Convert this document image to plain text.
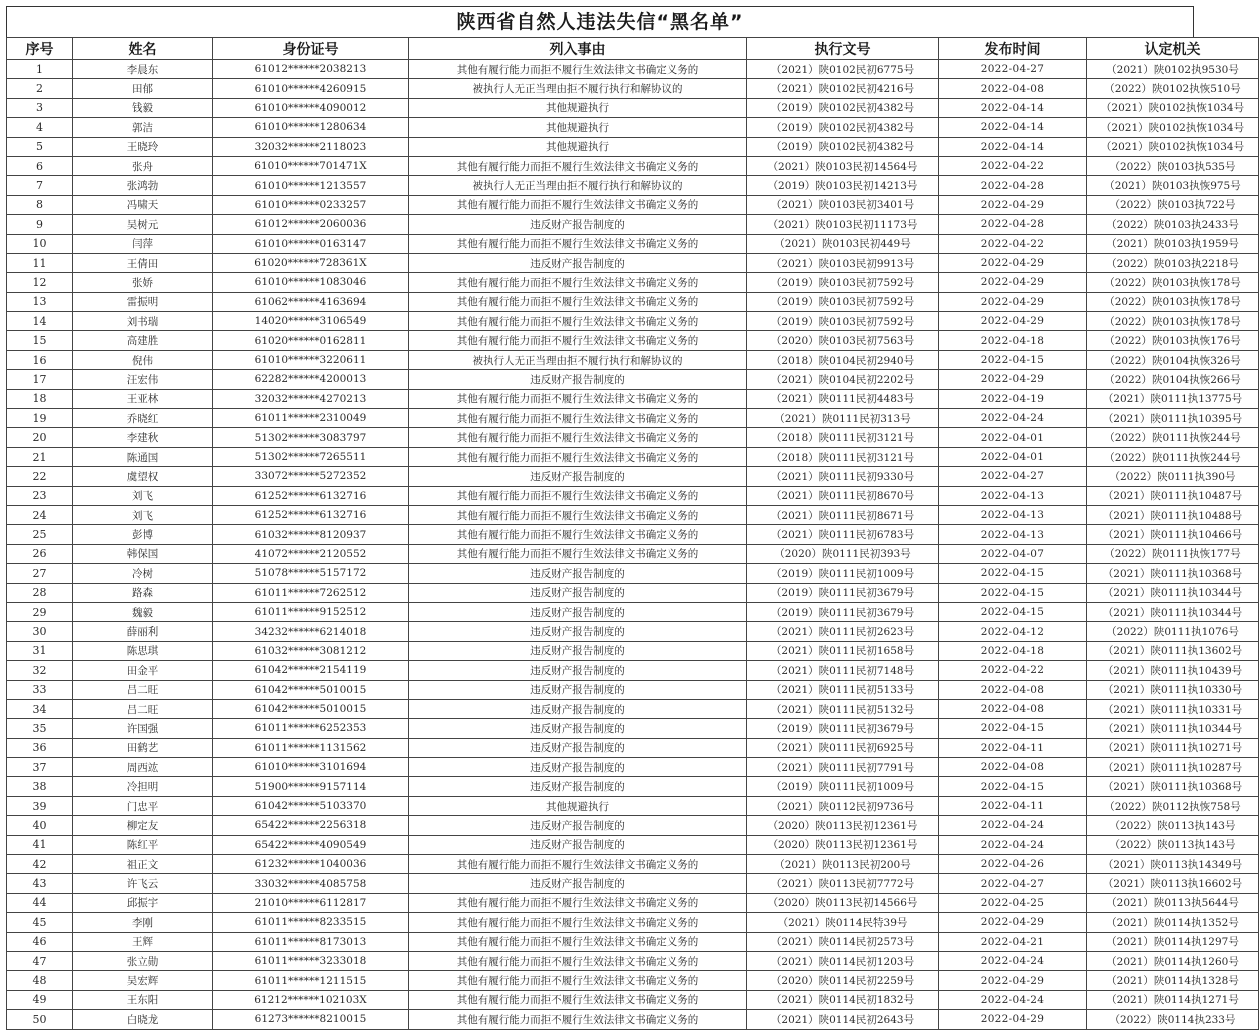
陕西省自然人违法失信“黑名单”
序号	姓名	身份证号	列入事由	执行文号	发布时间	认定机关
1	李晨东	61012******2038213	其他有履行能力而拒不履行生效法律文书确定义务的	（2021）陕0102民初6775号	2022-04-27	（2021）陕0102执9530号
2	田郁	61010******4260915	被执行人无正当理由拒不履行执行和解协议的	（2021）陕0102民初4216号	2022-04-08	（2022）陕0102执恢510号
3	钱毅	61010******4090012	其他规避执行	（2019）陕0102民初4382号	2022-04-14	（2021）陕0102执恢1034号
4	郭洁	61010******1280634	其他规避执行	（2019）陕0102民初4382号	2022-04-14	（2021）陕0102执恢1034号
5	王晓玲	32032******2118023	其他规避执行	（2019）陕0102民初4382号	2022-04-14	（2021）陕0102执恢1034号
6	张舟	61010******701471X	其他有履行能力而拒不履行生效法律文书确定义务的	（2021）陕0103民初14564号	2022-04-22	（2022）陕0103执535号
7	张鸿勃	61010******1213557	被执行人无正当理由拒不履行执行和解协议的	（2019）陕0103民初14213号	2022-04-28	（2021）陕0103执恢975号
8	冯啸天	61010******0233257	其他有履行能力而拒不履行生效法律文书确定义务的	（2021）陕0103民初3401号	2022-04-29	（2022）陕0103执722号
9	吴树元	61012******2060036	违反财产报告制度的	（2021）陕0103民初11173号	2022-04-28	（2022）陕0103执2433号
10	闫萍	61010******0163147	其他有履行能力而拒不履行生效法律文书确定义务的	（2021）陕0103民初449号	2022-04-22	（2021）陕0103执1959号
11	王倩田	61020******728361X	违反财产报告制度的	（2021）陕0103民初9913号	2022-04-29	（2022）陕0103执2218号
12	张娇	61010******1083046	其他有履行能力而拒不履行生效法律文书确定义务的	（2019）陕0103民初7592号	2022-04-29	（2022）陕0103执恢178号
13	雷振明	61062******4163694	其他有履行能力而拒不履行生效法律文书确定义务的	（2019）陕0103民初7592号	2022-04-29	（2022）陕0103执恢178号
14	刘书瑞	14020******3106549	其他有履行能力而拒不履行生效法律文书确定义务的	（2019）陕0103民初7592号	2022-04-29	（2022）陕0103执恢178号
15	高建胜	61020******0162811	其他有履行能力而拒不履行生效法律文书确定义务的	（2020）陕0103民初7563号	2022-04-18	（2022）陕0103执恢176号
16	倪伟	61010******3220611	被执行人无正当理由拒不履行执行和解协议的	（2018）陕0104民初2940号	2022-04-15	（2022）陕0104执恢326号
17	汪宏伟	62282******4200013	违反财产报告制度的	（2021）陕0104民初2202号	2022-04-29	（2022）陕0104执恢266号
18	王亚林	32032******4270213	其他有履行能力而拒不履行生效法律文书确定义务的	（2021）陕0111民初4483号	2022-04-19	（2021）陕0111执13775号
19	乔晓红	61011******2310049	其他有履行能力而拒不履行生效法律文书确定义务的	（2021）陕0111民初313号	2022-04-24	（2021）陕0111执10395号
20	李建秋	51302******3083797	其他有履行能力而拒不履行生效法律文书确定义务的	（2018）陕0111民初3121号	2022-04-01	（2022）陕0111执恢244号
21	陈通国	51302******7265511	其他有履行能力而拒不履行生效法律文书确定义务的	（2018）陕0111民初3121号	2022-04-01	（2022）陕0111执恢244号
22	虞望权	33072******5272352	违反财产报告制度的	（2021）陕0111民初9330号	2022-04-27	（2022）陕0111执390号
23	刘飞	61252******6132716	其他有履行能力而拒不履行生效法律文书确定义务的	（2021）陕0111民初8670号	2022-04-13	（2021）陕0111执10487号
24	刘飞	61252******6132716	其他有履行能力而拒不履行生效法律文书确定义务的	（2021）陕0111民初8671号	2022-04-13	（2021）陕0111执10488号
25	彭博	61032******8120937	其他有履行能力而拒不履行生效法律文书确定义务的	（2021）陕0111民初6783号	2022-04-13	（2021）陕0111执10466号
26	韩保国	41072******2120552	其他有履行能力而拒不履行生效法律文书确定义务的	（2020）陕0111民初393号	2022-04-07	（2022）陕0111执恢177号
27	冷树	51078******5157172	违反财产报告制度的	（2019）陕0111民初1009号	2022-04-15	（2021）陕0111执10368号
28	路森	61011******7262512	违反财产报告制度的	（2019）陕0111民初3679号	2022-04-15	（2021）陕0111执10344号
29	魏毅	61011******9152512	违反财产报告制度的	（2019）陕0111民初3679号	2022-04-15	（2021）陕0111执10344号
30	薛丽利	34232******6214018	违反财产报告制度的	（2021）陕0111民初2623号	2022-04-12	（2022）陕0111执1076号
31	陈思琪	61032******3081212	违反财产报告制度的	（2021）陕0111民初1658号	2022-04-18	（2021）陕0111执13602号
32	田金平	61042******2154119	违反财产报告制度的	（2021）陕0111民初7148号	2022-04-22	（2021）陕0111执10439号
33	吕二旺	61042******5010015	违反财产报告制度的	（2021）陕0111民初5133号	2022-04-08	（2021）陕0111执10330号
34	吕二旺	61042******5010015	违反财产报告制度的	（2021）陕0111民初5132号	2022-04-08	（2021）陕0111执10331号
35	许国强	61011******6252353	违反财产报告制度的	（2019）陕0111民初3679号	2022-04-15	（2021）陕0111执10344号
36	田鹤艺	61011******1131562	违反财产报告制度的	（2021）陕0111民初6925号	2022-04-11	（2021）陕0111执10271号
37	周西竑	61010******3101694	违反财产报告制度的	（2021）陕0111民初7791号	2022-04-08	（2021）陕0111执10287号
38	冷担明	51900******9157114	违反财产报告制度的	（2019）陕0111民初1009号	2022-04-15	（2021）陕0111执10368号
39	门忠平	61042******5103370	其他规避执行	（2021）陕0112民初9736号	2022-04-11	（2022）陕0112执恢758号
40	柳定友	65422******2256318	违反财产报告制度的	（2020）陕0113民初12361号	2022-04-24	（2022）陕0113执143号
41	陈红平	65422******4090549	违反财产报告制度的	（2020）陕0113民初12361号	2022-04-24	（2022）陕0113执143号
42	祖正文	61232******1040036	其他有履行能力而拒不履行生效法律文书确定义务的	（2021）陕0113民初200号	2022-04-26	（2021）陕0113执14349号
43	许飞云	33032******4085758	违反财产报告制度的	（2021）陕0113民初7772号	2022-04-27	（2021）陕0113执16602号
44	邱振宇	21010******6112817	其他有履行能力而拒不履行生效法律文书确定义务的	（2020）陕0113民初14566号	2022-04-25	（2021）陕0113执5644号
45	李刚	61011******8233515	其他有履行能力而拒不履行生效法律文书确定义务的	（2021）陕0114民特39号	2022-04-29	（2021）陕0114执1352号
46	王辉	61011******8173013	其他有履行能力而拒不履行生效法律文书确定义务的	（2021）陕0114民初2573号	2022-04-21	（2021）陕0114执1297号
47	张立勋	61011******3233018	其他有履行能力而拒不履行生效法律文书确定义务的	（2021）陕0114民初1203号	2022-04-24	（2021）陕0114执1260号
48	吴宏辉	61011******1211515	其他有履行能力而拒不履行生效法律文书确定义务的	（2020）陕0114民初2259号	2022-04-29	（2021）陕0114执1328号
49	王东阳	61212******102103X	其他有履行能力而拒不履行生效法律文书确定义务的	（2021）陕0114民初1832号	2022-04-24	（2021）陕0114执1271号
50	白晓龙	61273******8210015	其他有履行能力而拒不履行生效法律文书确定义务的	（2021）陕0114民初2643号	2022-04-29	（2022）陕0114执233号
